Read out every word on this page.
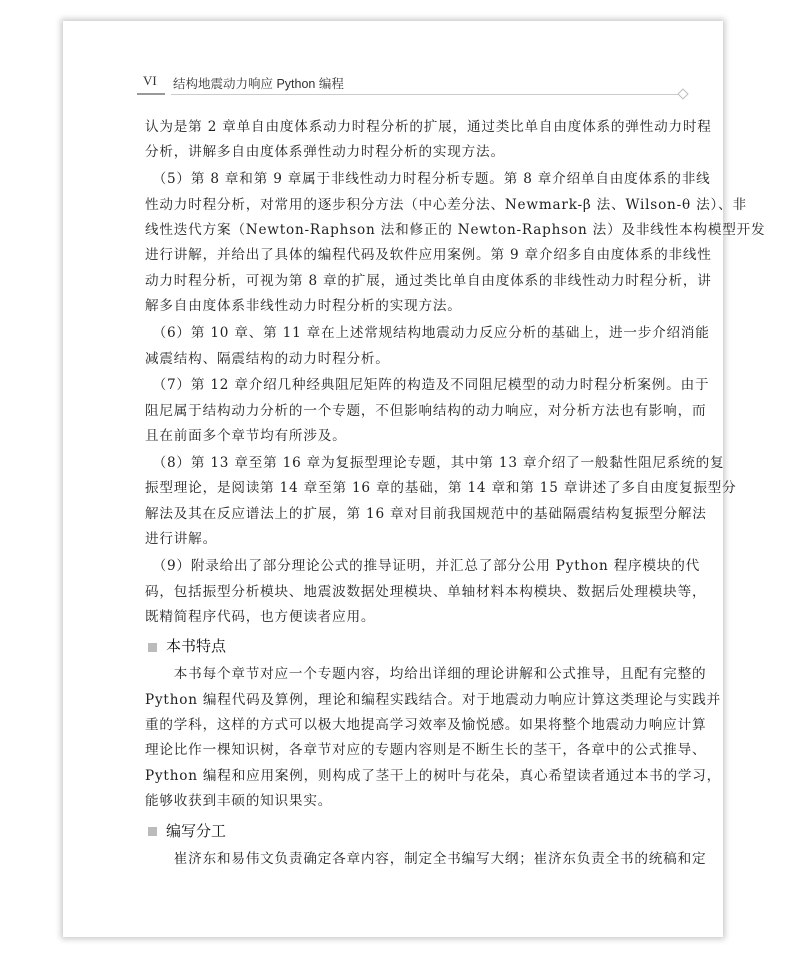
VI 结构地震动力响应 Python 编程
认为是第 2 章单自由度体系动力时程分析的扩展，通过类比单自由度体系的弹性动力时程
分析，讲解多自由度体系弹性动力时程分析的实现方法。
　（5）第 8 章和第 9 章属于非线性动力时程分析专题。第 8 章介绍单自由度体系的非线
性动力时程分析，对常用的逐步积分方法（中心差分法、Newmark-β 法、Wilson-θ 法）、非
线性迭代方案（Newton-Raphson 法和修正的 Newton-Raphson 法）及非线性本构模型开发
进行讲解，并给出了具体的编程代码及软件应用案例。第 9 章介绍多自由度体系的非线性
动力时程分析，可视为第 8 章的扩展，通过类比单自由度体系的非线性动力时程分析，讲
解多自由度体系非线性动力时程分析的实现方法。
　（6）第 10 章、第 11 章在上述常规结构地震动力反应分析的基础上，进一步介绍消能
减震结构、隔震结构的动力时程分析。
　（7）第 12 章介绍几种经典阻尼矩阵的构造及不同阻尼模型的动力时程分析案例。由于
阻尼属于结构动力分析的一个专题，不但影响结构的动力响应，对分析方法也有影响，而
且在前面多个章节均有所涉及。
　（8）第 13 章至第 16 章为复振型理论专题，其中第 13 章介绍了一般黏性阻尼系统的复
振型理论，是阅读第 14 章至第 16 章的基础，第 14 章和第 15 章讲述了多自由度复振型分
解法及其在反应谱法上的扩展，第 16 章对目前我国规范中的基础隔震结构复振型分解法
进行讲解。
　（9）附录给出了部分理论公式的推导证明，并汇总了部分公用 Python 程序模块的代
码，包括振型分析模块、地震波数据处理模块、单轴材料本构模块、数据后处理模块等，
既精简程序代码，也方便读者应用。
本书特点
　　本书每个章节对应一个专题内容，均给出详细的理论讲解和公式推导，且配有完整的
Python 编程代码及算例，理论和编程实践结合。对于地震动力响应计算这类理论与实践并
重的学科，这样的方式可以极大地提高学习效率及愉悦感。如果将整个地震动力响应计算
理论比作一棵知识树，各章节对应的专题内容则是不断生长的茎干，各章中的公式推导、
Python 编程和应用案例，则构成了茎干上的树叶与花朵，真心希望读者通过本书的学习，
能够收获到丰硕的知识果实。
编写分工
　　崔济东和易伟文负责确定各章内容，制定全书编写大纲；崔济东负责全书的统稿和定
